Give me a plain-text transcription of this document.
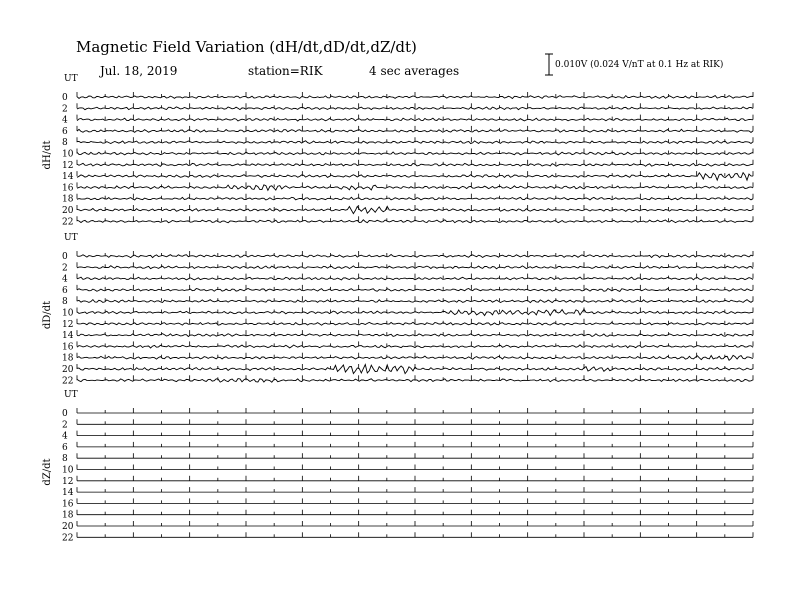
Magnetic Field Variation (dH/dt,dD/dt,dZ/dt)
Jul. 18, 2019	station=RIK	4 sec averages	0.010V (0.024 V/nT at 0.1 Hz at RIK)
UT
dH/dt
0
2
4
6
8
10
12
14
16
18
20
22
UT
dD/dt
0
2
4
6
8
10
12
14
16
18
20
22
UT
dZ/dt
0
2
4
6
8
10
12
14
16
18
20
22
